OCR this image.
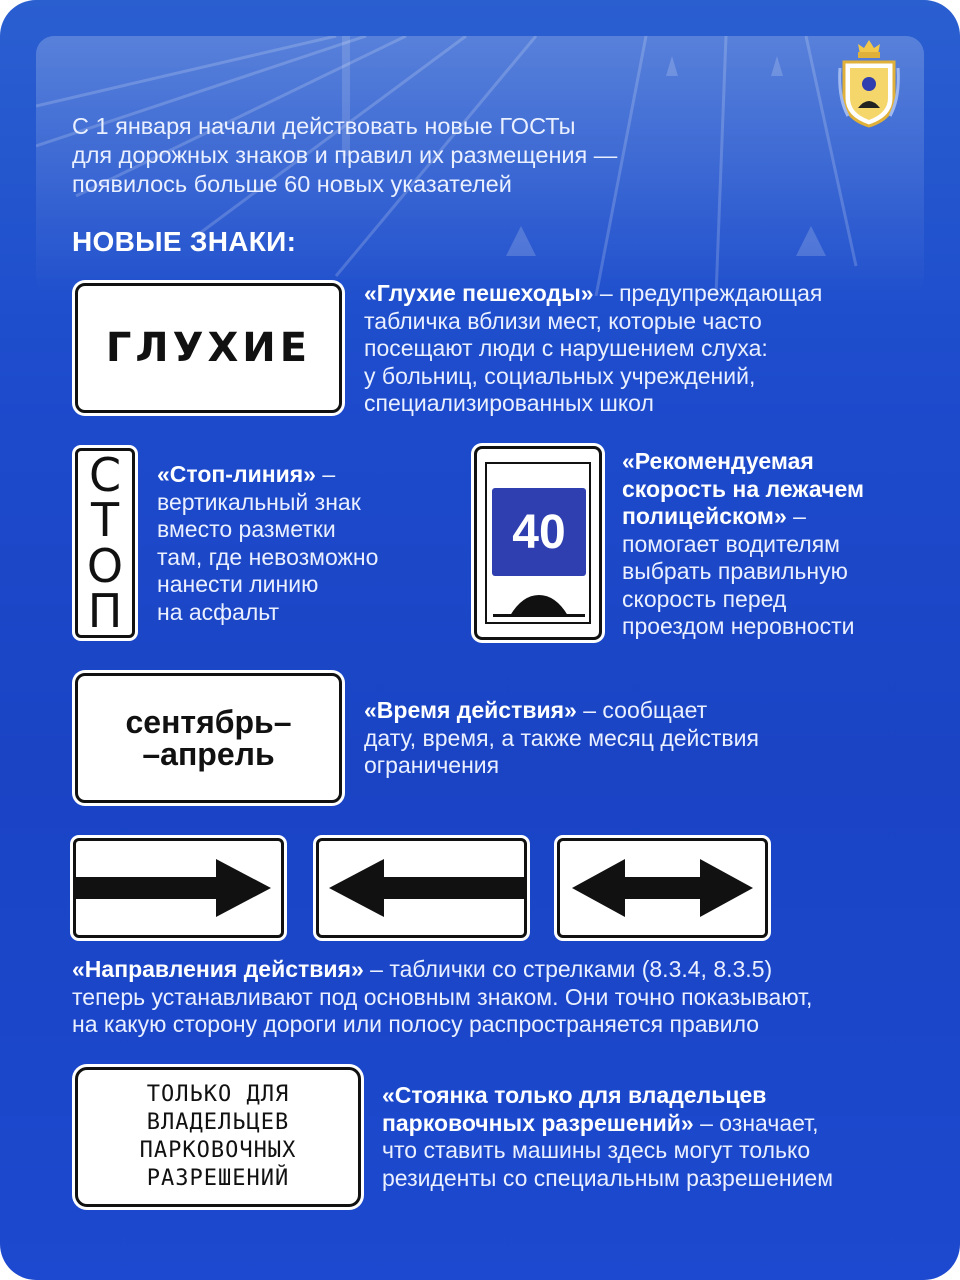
С 1 января начали действовать новые ГОСТы
для дорожных знаков и правил их размещения —
появилось больше 60 новых указателей
НОВЫЕ ЗНАКИ:
ГЛУХИЕ
«Глухие пешеходы» – предупреждающая
табличка вблизи мест, которые часто
посещают люди с нарушением слуха:
у больниц, социальных учреждений,
специализированных школ
С
Т
О
П
«Стоп-линия» –
вертикальный знак
вместо разметки
там, где невозможно
нанести линию
на асфальт
40
«Рекомендуемая
скорость на лежачем
полицейском» –
помогает водителям
выбрать правильную
скорость перед
проездом неровности
сентябрь–
–апрель
«Время действия» – сообщает
дату, время, а также месяц действия
ограничения
«Направления действия» – таблички со стрелками (8.3.4, 8.3.5)
теперь устанавливают под основным знаком. Они точно показывают,
на какую сторону дороги или полосу распространяется правило
ТОЛЬКО ДЛЯ
ВЛАДЕЛЬЦЕВ
ПАРКОВОЧНЫХ
РАЗРЕШЕНИЙ
«Стоянка только для владельцев
парковочных разрешений» – означает,
что ставить машины здесь могут только
резиденты со специальным разрешением
